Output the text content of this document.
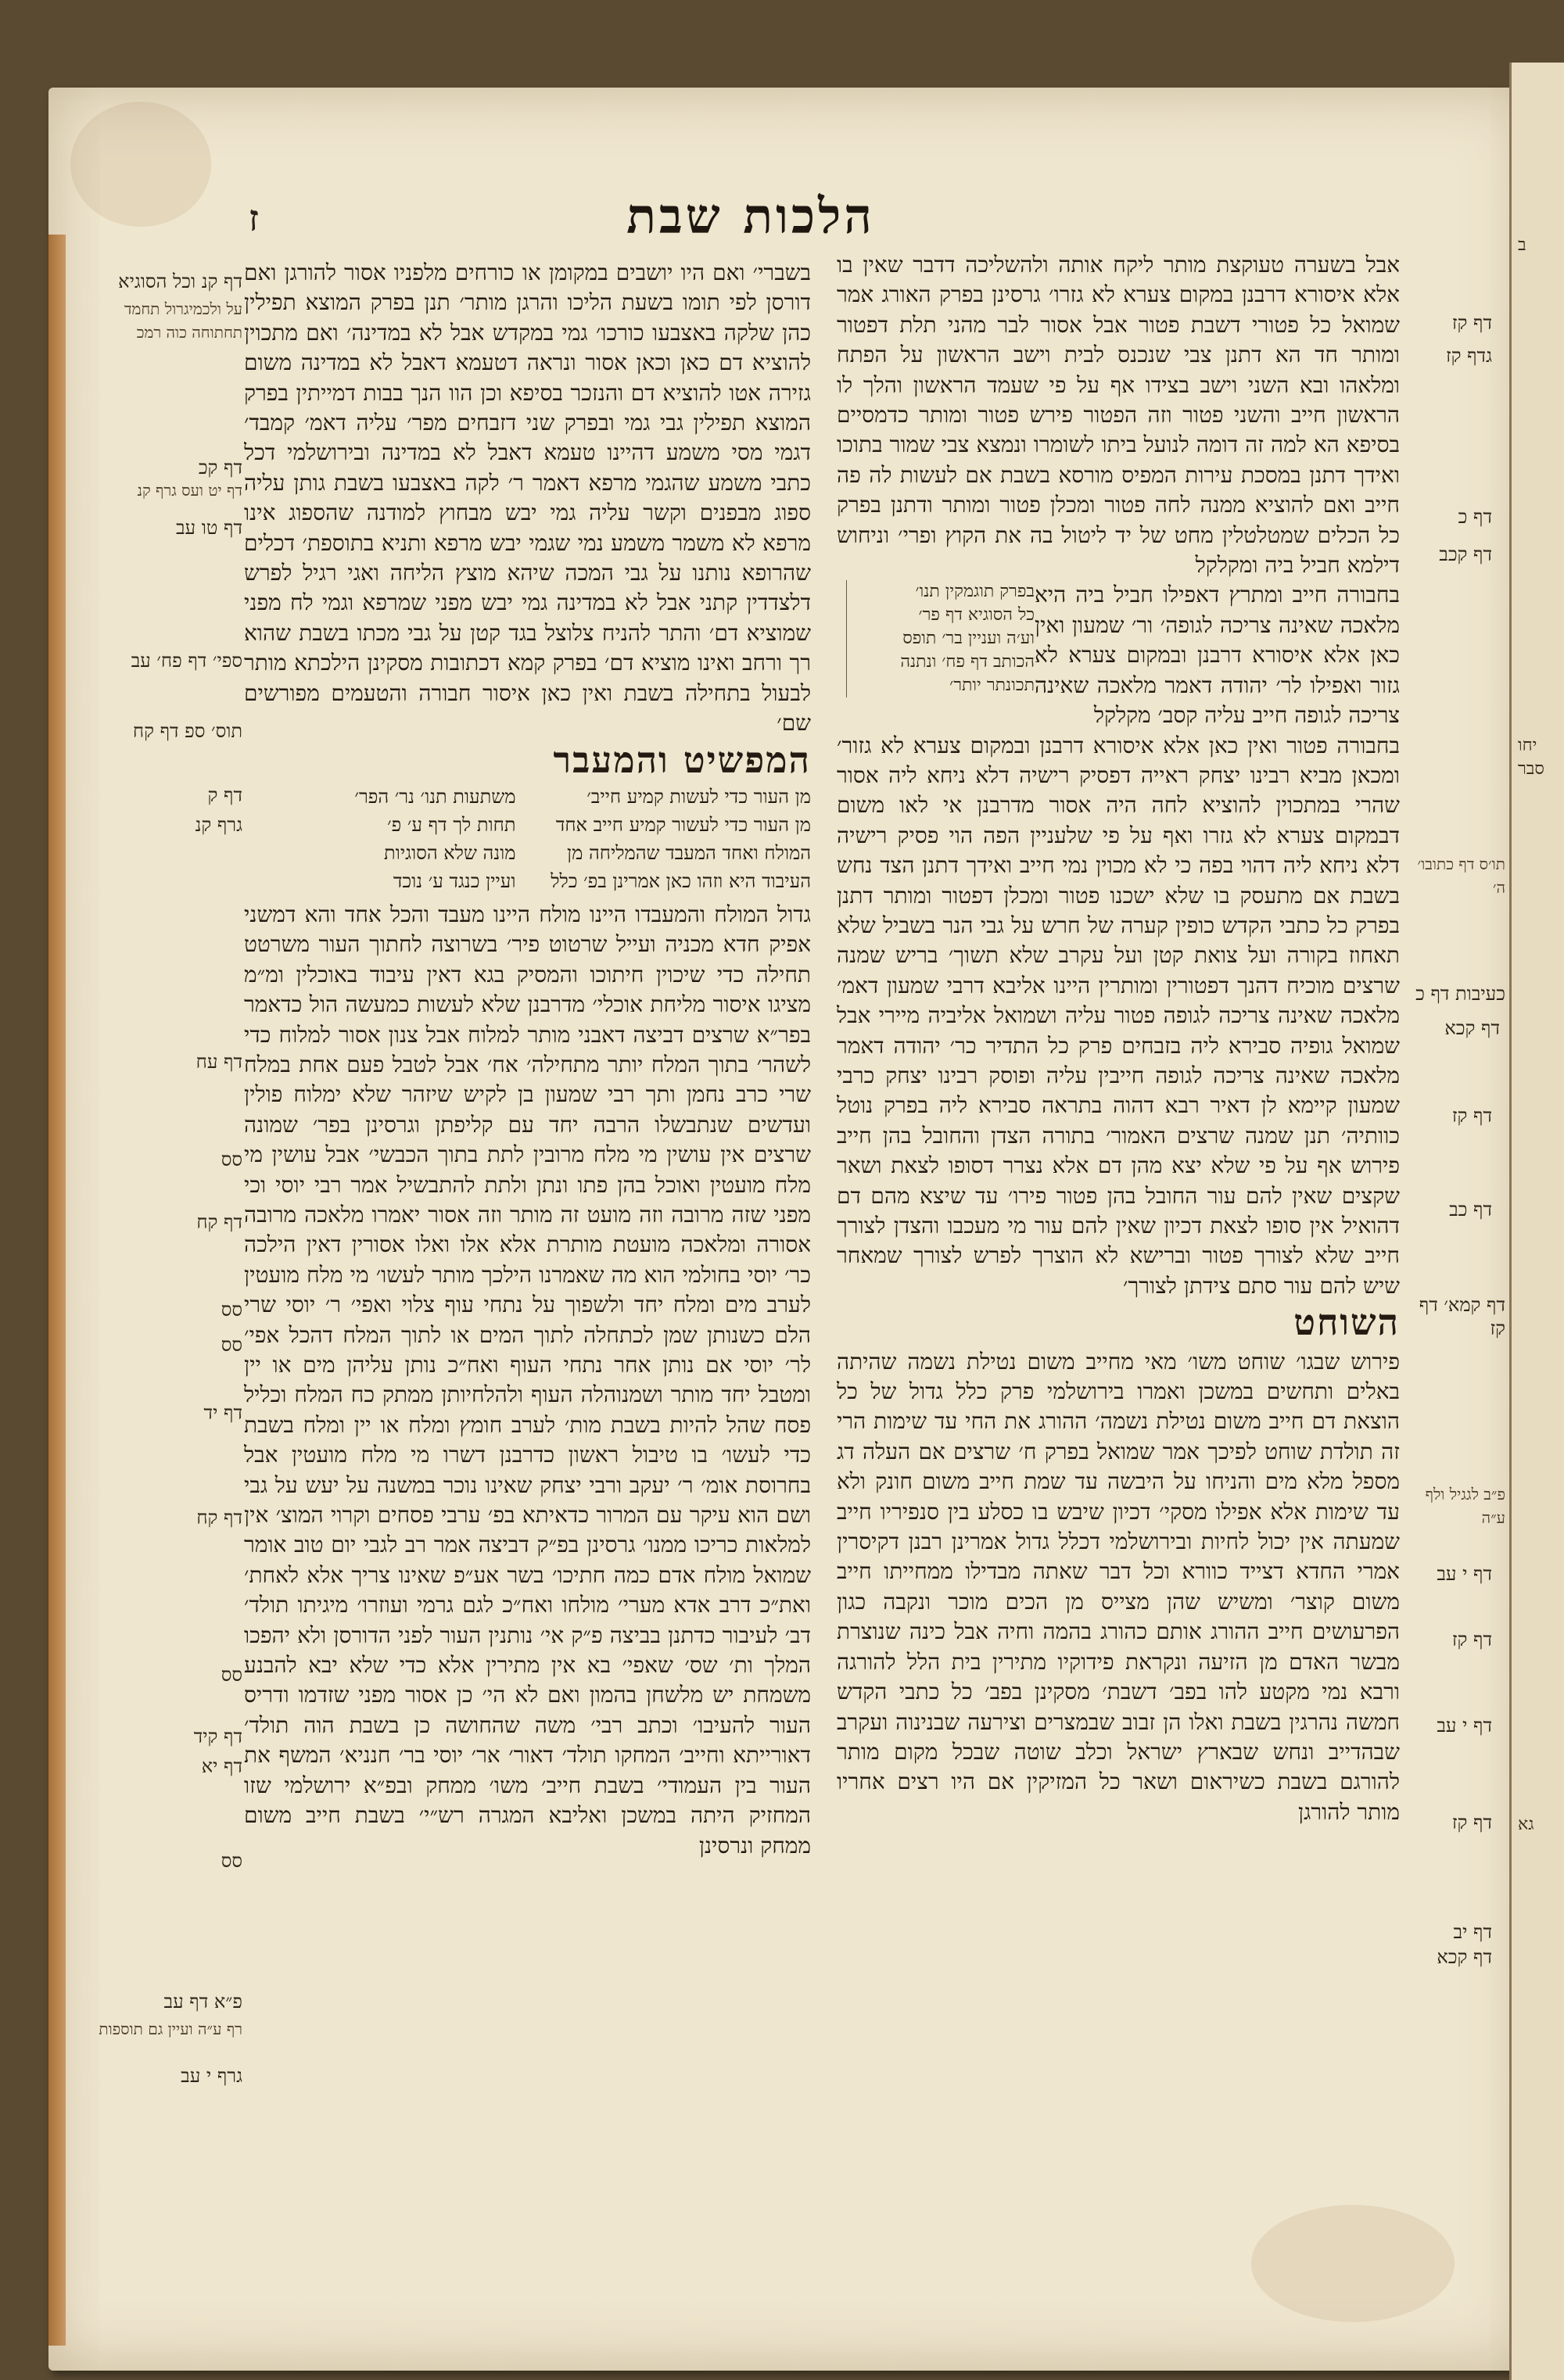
ב
יחו
סבר
גא
ז	הלכות שבת

אבל בשערה טעוקצת מותר ליקח אותה ולהשליכה דדבר שאין בו אלא איסורא דרבנן במקום צערא לא גזרו׳ גרסינן בפרק האורג אמר שמואל כל פטורי דשבת פטור אבל אסור לבר מהני תלת דפטור ומותר חד הא דתנן צבי שנכנס לבית וישב הראשון על הפתח ומלאהו ובא השני וישב בצידו אף על פי שעמד הראשון והלך לו הראשון חייב והשני פטור וזה הפטור פירש פטור ומותר כדמסיים בסיפא הא למה זה דומה לנועל ביתו לשומרו ונמצא צבי שמור בתוכו ואידך דתנן במסכת עירות המפיס מורסא בשבת אם לעשות לה פה חייב ואם להוציא ממנה לחה פטור ומכלן פטור ומותר ודתנן בפרק כל הכלים שמטלטלין מחט של יד ליטול בה את הקוץ ופרי׳ וניחוש דילמא חביל ביה ומקלקל

בפרק תוגמקין תנו׳
כל הסוגיא דף פר׳
וע׳ה ועניין בר׳ תופס
הכותב דף פח׳ ונתנה
תכונתר יותר׳

בחבורה חייב ומתרץ דאפילו חביל ביה היא מלאכה שאינה צריכה לגופה׳ ור׳ שמעון ואין כאן אלא איסורא דרבנן ובמקום צערא לא גזור ואפילו לר׳ יהודה דאמר מלאכה שאינה צריכה לגופה חייב עליה קסב׳ מקלקל

בחבורה פטור ואין כאן אלא איסורא דרבנן ובמקום צערא לא גזור׳ ומכאן מביא רבינו יצחק ראייה דפסיק רישיה דלא ניחא ליה אסור שהרי במתכוין להוציא לחה היה אסור מדרבנן אי לאו משום דבמקום צערא לא גזרו ואף על פי שלעניין הפה הוי פסיק רישיה דלא ניחא ליה דהוי בפה כי לא מכוין נמי חייב ואידך דתנן הצד נחש בשבת אם מתעסק בו שלא ישכנו פטור ומכלן דפטור ומותר דתנן בפרק כל כתבי הקדש כופין קערה של חרש על גבי הנר בשביל שלא תאחוז בקורה ועל צואת קטן ועל עקרב שלא תשוך׳ בריש שמנה שרצים מוכיח דהנך דפטורין ומותרין היינו אליבא דרבי שמעון דאמ׳ מלאכה שאינה צריכה לגופה פטור עליה ושמואל אליביה מיירי אבל שמואל גופיה סבירא ליה בזבחים פרק כל התדיר כר׳ יהודה דאמר מלאכה שאינה צריכה לגופה חייבין עליה ופוסק רבינו יצחק כרבי שמעון קיימא לן דאיר רבא דהוה בתראה סבירא ליה בפרק נוטל כוותיה׳ תנן שמנה שרצים האמור׳ בתורה הצדן והחובל בהן חייב פירוש אף על פי שלא יצא מהן דם אלא נצרר דסופו לצאת ושאר שקצים שאין להם עור החובל בהן פטור פירו׳ עד שיצא מהם דם דהואיל אין סופו לצאת דכיון שאין להם עור מי מעכבו והצדן לצורך חייב שלא לצורך פטור וברישא לא הוצרך לפרש לצורך שמאחר שיש להם עור סתם צידתן לצורך׳

השוחט

פירוש שבגו׳ שוחט משו׳ מאי מחייב משום נטילת נשמה שהיתה באלים ותחשים במשכן ואמרו בירושלמי פרק כלל גדול של כל הוצאת דם חייב משום נטילת נשמה׳ ההורג את החי עד שימות הרי זה תולדת שוחט לפיכך אמר שמואל בפרק ח׳ שרצים אם העלה דג מספל מלא מים והניחו על היבשה עד שמת חייב משום חונק ולא עד שימות אלא אפילו מסקי׳ דכיון שיבש בו כסלע בין סנפיריו חייב שמעתה אין יכול לחיות ובירושלמי דכלל גדול אמרינן רבנן דקיסרין אמרי החדא דצייד כוורא וכל דבר שאתה מבדילו ממחייתו חייב משום קוצר׳ ומשיש שהן מצייס מן הכים מוכר ונקבה כגון הפרעושים חייב ההורג אותם כהורג בהמה וחיה אבל כינה שנוצרת מבשר האדם מן הזיעה ונקראת פידוקיו מתירין בית הלל להורגה ורבא נמי מקטע להו בפב׳ דשבת׳ מסקינן בפב׳ כל כתבי הקדש חמשה נהרגין בשבת ואלו הן זבוב שבמצרים וצירעה שבנינוה ועקרב שבהדייב ונחש שבארץ ישראל וכלב שוטה שבכל מקום מותר להורגם בשבת כשיראום ושאר כל המזיקין אם היו רצים אחריו מותר להורגן

בשברי׳ ואם היו יושבים במקומן או כורחים מלפניו אסור להורגן ואם דורסן לפי תומו בשעת הליכו והרגן מותר׳ תנן בפרק המוצא תפילין כהן שלקה באצבעו כורכו׳ גמי במקדש אבל לא במדינה׳ ואם מתכוין להוציא דם כאן וכאן אסור ונראה דטעמא דאבל לא במדינה משום גזירה אטו להוציא דם והנזכר בסיפא וכן הוו הנך בבות דמייתין בפרק המוצא תפילין גבי גמי ובפרק שני דזבחים מפר׳ עליה דאמ׳ קמבד׳ דגמי מסי משמע דהיינו טעמא דאבל לא במדינה ובירושלמי דכל כתבי משמע שהגמי מרפא דאמר ר׳ לקה באצבעו בשבת גותן עליה ספוג מבפנים וקשר עליה גמי יבש מבחוץ למודנה שהספוג אינו מרפא לא משמר משמע נמי שגמי יבש מרפא ותניא בתוספת׳ דכלים שהרופא נותנו על גבי המכה שיהא מוצץ הליחה ואגי רגיל לפרש דלצדדין קתני אבל לא במדינה גמי יבש מפני שמרפא וגמי לח מפני שמוציא דם׳ והתר להניח צלוצל בגד קטן על גבי מכתו בשבת שהוא רך ורחב ואינו מוציא דם׳ בפרק קמא דכתובות מסקינן הילכתא מותר לבעול בתחילה בשבת ואין כאן איסור חבורה והטעמים מפורשים שם׳

המפשיט והמעבר
מן העור כדי לעשות קמיע חייב׳
משתעות תנו׳ נר׳ הפר׳
מן העור כדי לעשור קמיע חייב אחד
תחות לך דף ע׳ פ׳
המולח ואחד המעבד שהמליחה מן
מונה שלא הסוגיות
העיבוד היא וזהו כאן אמרינן בפ׳ כלל
ועיין כנגד ע׳ נוכד

גדול המולח והמעבדו היינו מולח היינו מעבד והכל אחד והא דמשני אפיק חדא מכניה ועייל שרטוט פיר׳ בשרוצה לחתוך העור משרטט תחילה כדי שיכוין חיתוכו והמסיק בגא דאין עיבוד באוכלין ומ״מ מציגו איסור מליחת אוכלי׳ מדרבנן שלא לעשות כמעשה הול כדאמר בפר״א שרצים דביצה דאבני מותר למלוח אבל צנון אסור למלוח כדי לשהר׳ בתוך המלח יותר מתחילה׳ אח׳ אבל לטבל פעם אחת במלח שרי כרב נחמן ותך רבי שמעון בן לקיש שיזהר שלא ימלוח פולין ועדשים שנתבשלו הרבה יחד עם קליפתן וגרסינן בפר׳ שמונה שרצים אין עושין מי מלח מרובין לתת בתוך הכבשי׳ אבל עושין מי מלח מועטין ואוכל בהן פתו ונתן ולתת להתבשיל אמר רבי יוסי וכי מפני שזה מרובה וזה מועט זה מותר וזה אסור יאמרו מלאכה מרובה אסורה ומלאכה מועטת מותרת אלא אלו ואלו אסורין דאין הילכה כר׳ יוסי בחולמי הוא מה שאמרנו הילכך מותר לעשו׳ מי מלח מועטין לערב מים ומלח יחד ולשפוך על נתחי עוף צלוי ואפי׳ ר׳ יוסי שרי הלם כשנותן שמן לכתחלה לתוך המים או לתוך המלח דהכל אפי׳ לר׳ יוסי אם נותן אחר נתחי העוף ואח״כ נותן עליהן מים או יין ומטבל יחד מותר ושמנוהלה העוף ולהלחיותן ממתק כח המלח וכליל פסח שהל להיות בשבת מות׳ לערב חומץ ומלח או יין ומלח בשבת כדי לעשו׳ בו טיבול ראשון כדרבנן דשרו מי מלח מועטין אבל בחרוסת אומ׳ ר׳ יעקב ורבי יצחק שאינו נוכר במשנה על יעש על גבי ושם הוא עיקר עם המרור כדאיתא בפ׳ ערבי פסחים וקרוי המוצ׳ אין למלאות כריכו ממנו׳ גרסינן בפ״ק דביצה אמר רב לגבי יום טוב אומר שמואל מולח אדם כמה חתיכו׳ בשר אע״פ שאינו צריך אלא לאחת׳ ואת״כ דרב אדא מערי׳ מולחו ואח״כ לגם גרמי ועוזרו׳ מיגיתו תולד׳ דב׳ לעיבור כדתנן בביצה פ״ק אי׳ נותנין העור לפני הדורסן ולא יהפכו המלך ות׳ שס׳ שאפי׳ בא אין מתירין אלא כדי שלא יבא להבנע משמחת יש מלשחן בהמון ואם לא הי׳ כן אסור מפני שזדמו ודריס העור להעיבו׳ וכתב רבי׳ משה שהחושה כן בשבת הוה תולד׳ דאורייתא וחייב׳ המחקו תולד׳ דאור׳ אר׳ יוסי בר׳ חנניא׳ המשף את העור בין העמודי׳ בשבת חייב׳ משו׳ ממחק ובפ״א ירושלמי שזו המחזיק היתה במשכן ואליבא המגרה רש״י׳ בשבת חייב משום ממחק ונרסינן

דף קנ וכל הסוגיא
על ולכמיגרול תחמד
תחתוחה כוה רמכ
דף קכ
דף יט ועס גרף קנ
דף טו עב
ספי׳ דף פח׳ עב
תוס׳ ספ דף קח
דף ק
גרף קנ
דף עח
סס
דף קח
סס
סס
דף יד
דף קח
סס
דף קיד
דף יא
סס
פ״א דף עב
רף ע״ה ועיין גם תוספות
גרף י עב
דף קז
גדף קז
דף כ
דף קכב
תו׳ס דף כתובו׳ ה׳
כעיבות דף כ
דף קכא
דף קז
דף כב
דף קמא׳ דף קז
פ״ב לגגיל ולף ע״ה
דף י עב
דף קז
דף י עב
דף קז
דף יב
דף קכא
